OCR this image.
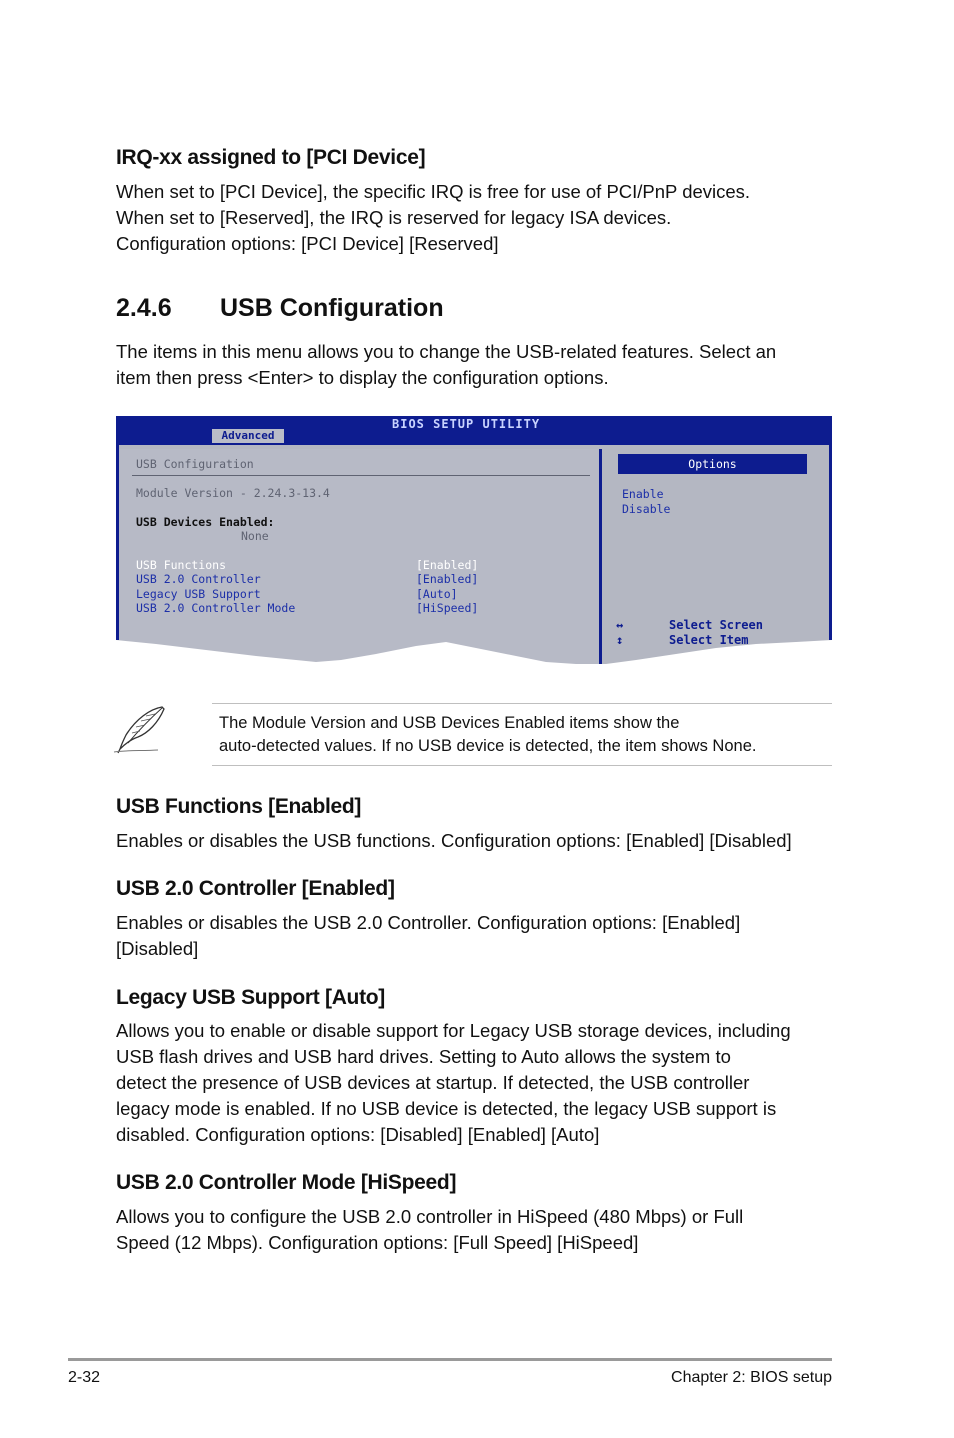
IRQ-xx assigned to [PCI Device]
When set to [PCI Device], the specific IRQ is free for use of PCI/PnP devices.
When set to [Reserved], the IRQ is reserved for legacy ISA devices.
Configuration options: [PCI Device] [Reserved]
2.4.6 USB Configuration
The items in this menu allows you to change the USB-related features. Select an
item then press <Enter> to display the configuration options.
BIOS SETUP UTILITY
Advanced
USB Configuration
Module Version - 2.24.3-13.4
USB Devices Enabled:
None
USB Functions	[Enabled]
USB 2.0 Controller	[Enabled]
Legacy USB Support	[Auto]
USB 2.0 Controller Mode	[HiSpeed]
Options
Enable
Disable
↔	Select Screen
↕	Select Item
The Module Version and USB Devices Enabled items show the
auto-detected values. If no USB device is detected, the item shows None.
USB Functions [Enabled]
Enables or disables the USB functions. Configuration options: [Enabled] [Disabled]
USB 2.0 Controller [Enabled]
Enables or disables the USB 2.0 Controller. Configuration options: [Enabled]
[Disabled]
Legacy USB Support [Auto]
Allows you to enable or disable support for Legacy USB storage devices, including
USB flash drives and USB hard drives. Setting to Auto allows the system to
detect the presence of USB devices at startup. If detected, the USB controller
legacy mode is enabled. If no USB device is detected, the legacy USB support is
disabled. Configuration options: [Disabled] [Enabled] [Auto]
USB 2.0 Controller Mode [HiSpeed]
Allows you to configure the USB 2.0 controller in HiSpeed (480 Mbps) or Full
Speed (12 Mbps). Configuration options: [Full Speed] [HiSpeed]
2-32	Chapter 2: BIOS setup
